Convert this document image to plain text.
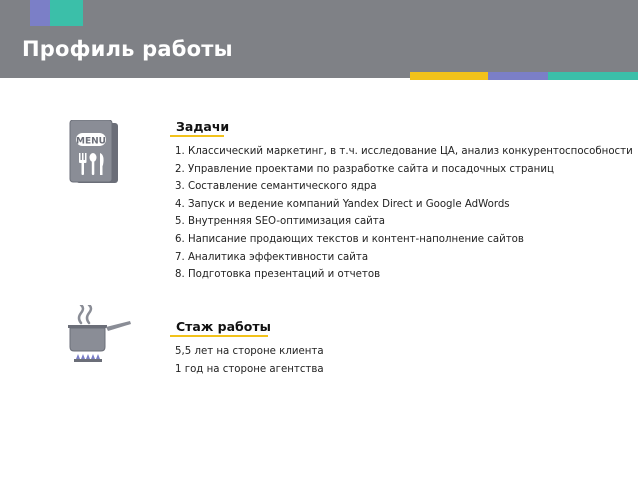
Профиль работы
MENU
Задачи
1. Классический маркетинг, в т.ч. исследование ЦА, анализ конкурентоспособности
2. Управление проектами по разработке сайта и посадочных страниц
3. Составление семантического ядра
4. Запуск и ведение компаний Yandex Direct и Google AdWords
5. Внутренняя SEO-оптимизация сайта
6. Написание продающих текстов и контент-наполнение сайтов
7. Аналитика эффективности сайта
8. Подготовка презентаций и отчетов
Стаж работы
5,5 лет на стороне клиента
1 год на стороне агентства
